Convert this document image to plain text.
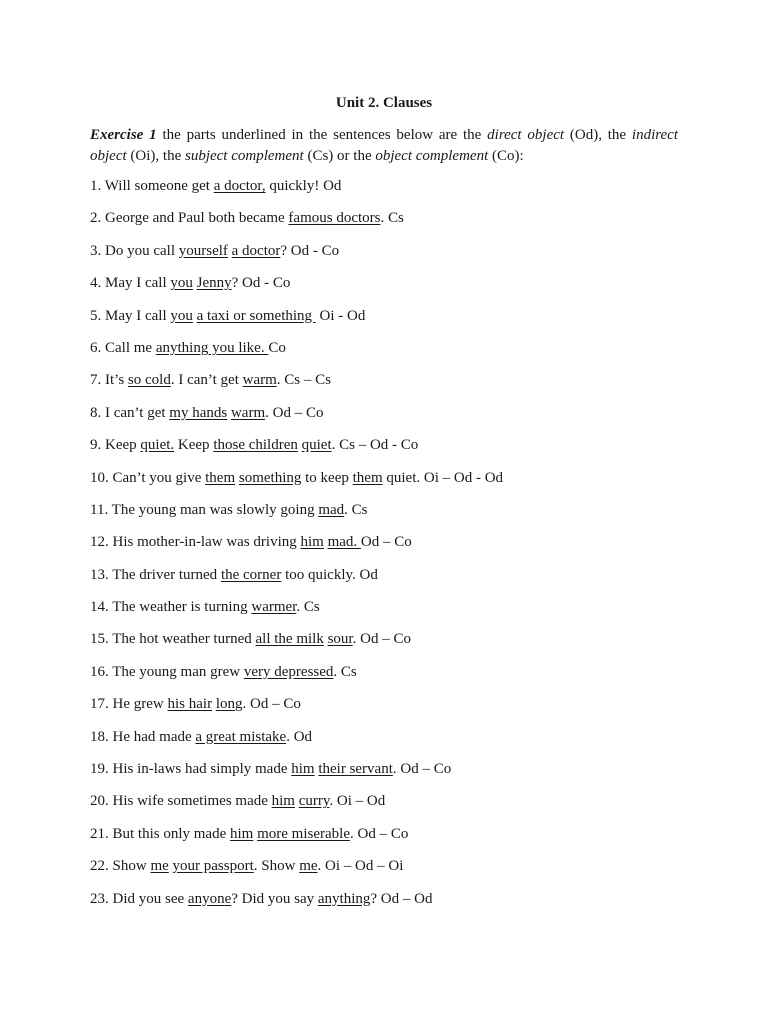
Unit 2. Clauses
Exercise 1 the parts underlined in the sentences below are the direct object (Od), the indirect object (Oi), the subject complement (Cs) or the object complement (Co):
1. Will someone get a doctor, quickly! Od
2. George and Paul both became famous doctors. Cs
3. Do you call yourself a doctor? Od - Co
4. May I call you Jenny? Od - Co
5. May I call you a taxi or something  Oi - Od
6. Call me anything you like. Co
7. It’s so cold. I can’t get warm. Cs – Cs
8. I can’t get my hands warm. Od – Co
9. Keep quiet. Keep those children quiet. Cs – Od - Co
10. Can’t you give them something to keep them quiet. Oi – Od - Od
11. The young man was slowly going mad. Cs
12. His mother-in-law was driving him mad. Od – Co
13. The driver turned the corner too quickly. Od
14. The weather is turning warmer. Cs
15. The hot weather turned all the milk sour. Od – Co
16. The young man grew very depressed. Cs
17. He grew his hair long. Od – Co
18. He had made a great mistake. Od
19. His in-laws had simply made him their servant. Od – Co
20. His wife sometimes made him curry. Oi – Od
21. But this only made him more miserable. Od – Co
22. Show me your passport. Show me. Oi – Od – Oi
23. Did you see anyone? Did you say anything? Od – Od
